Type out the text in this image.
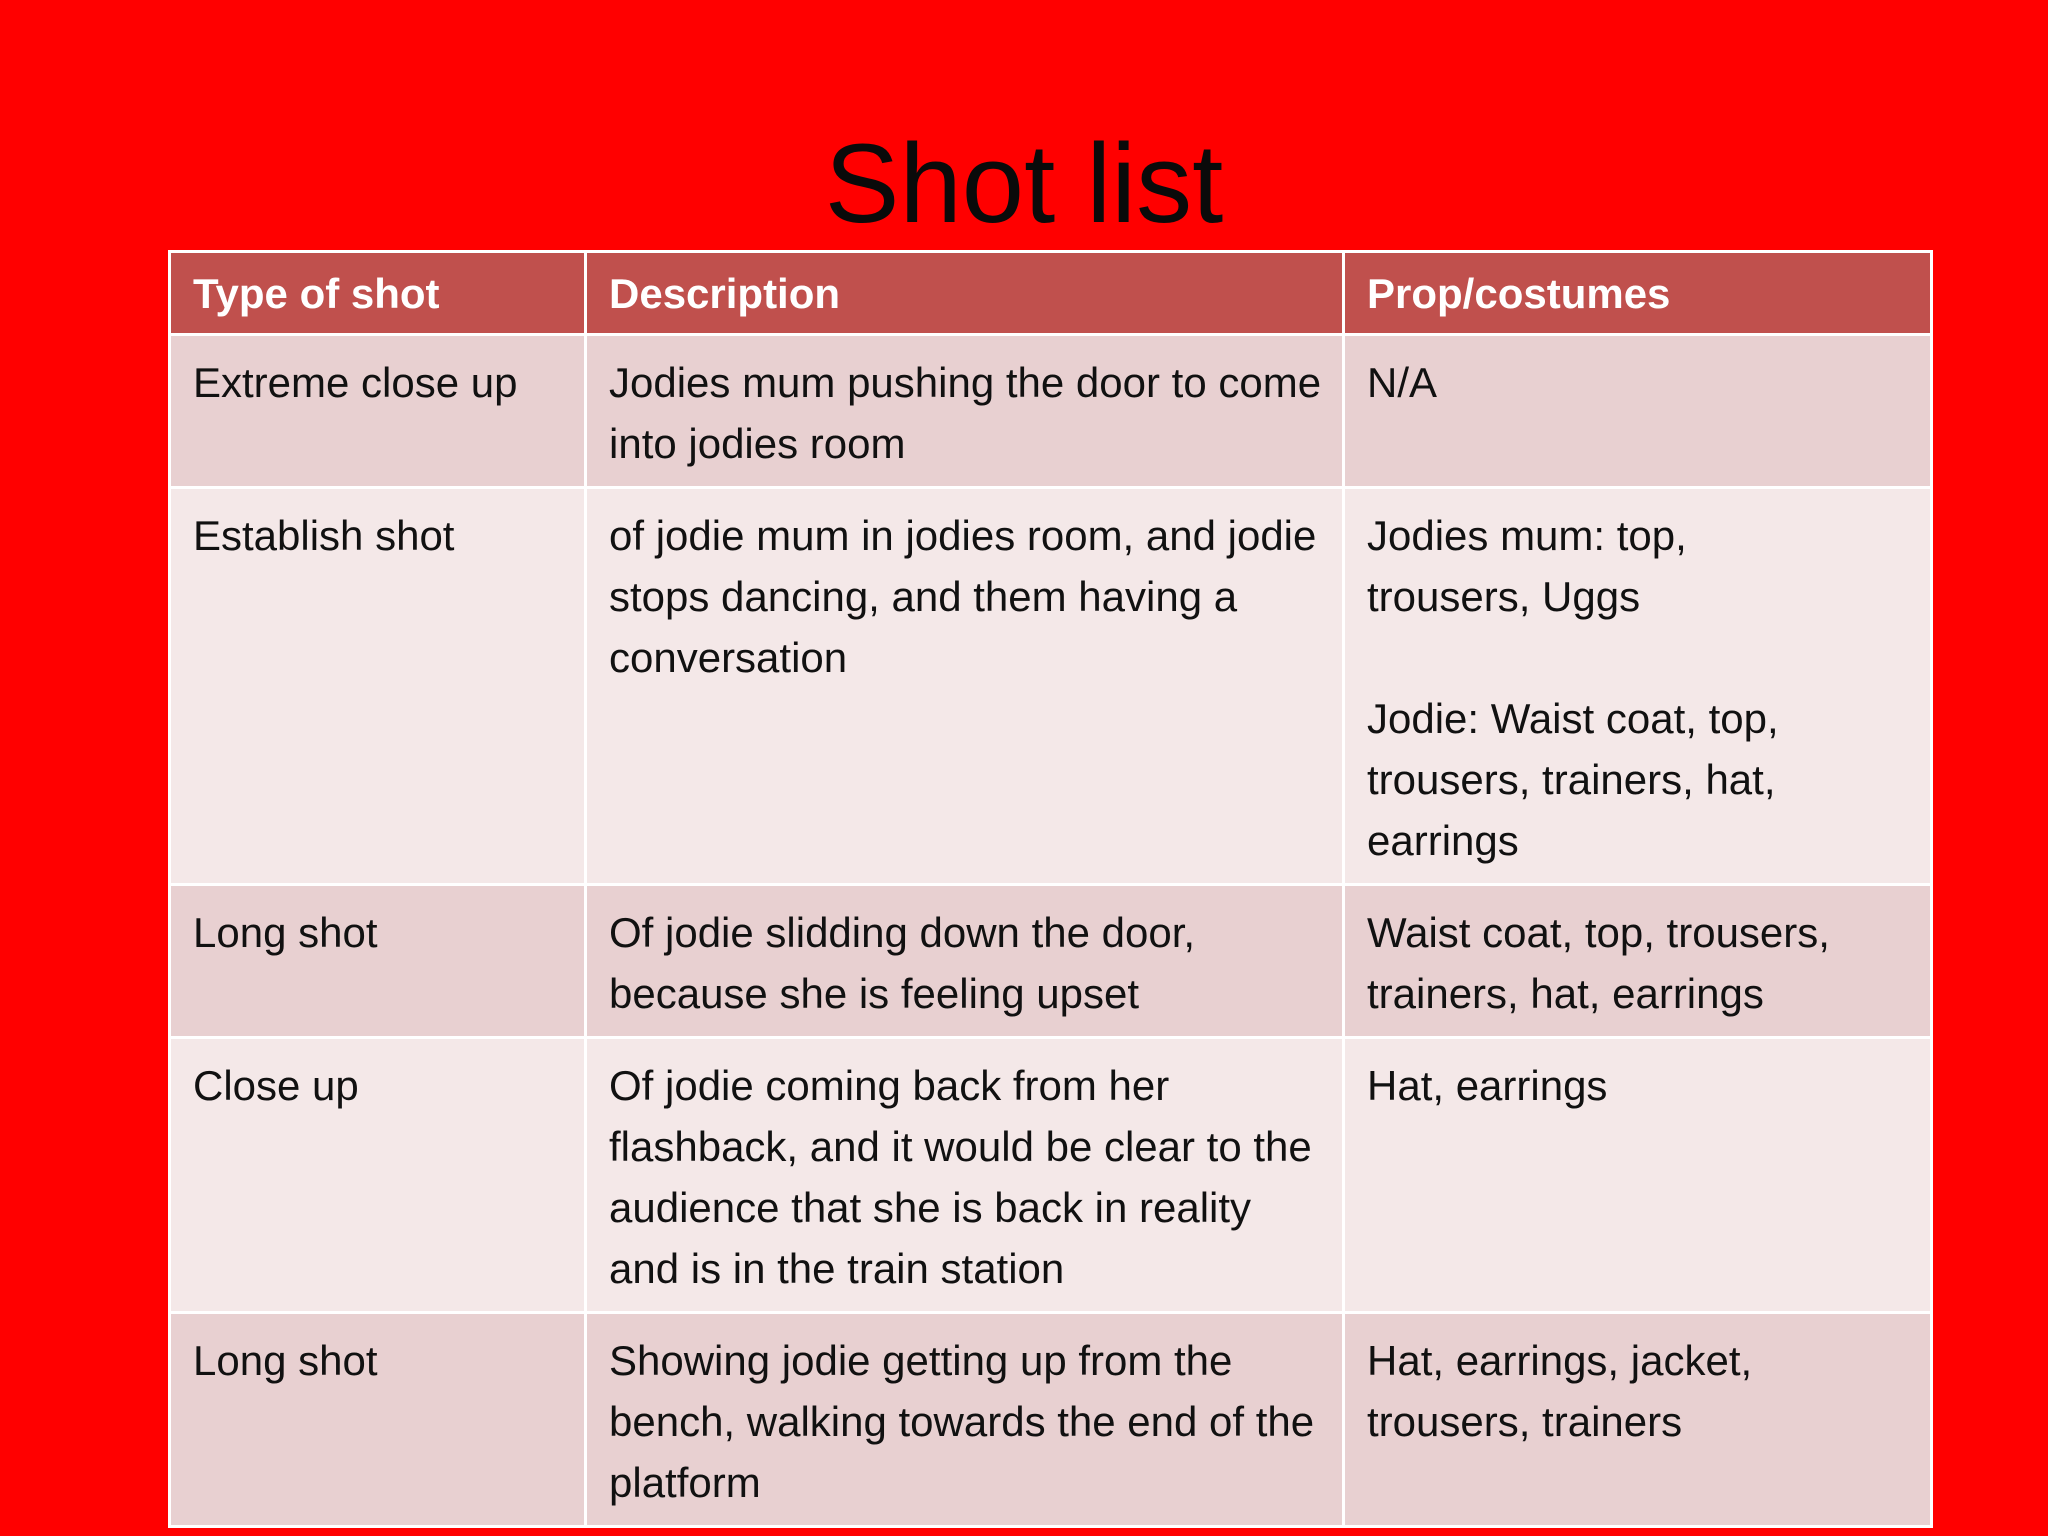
Shot list
Type of shot	Description	Prop/costumes
Extreme close up	Jodies mum pushing the door to come into jodies room	N/A
Establish shot	of jodie mum in jodies room, and jodie stops dancing, and them having a conversation	Jodies mum: top,
trousers, Uggs

Jodie: Waist coat, top,
trousers, trainers, hat,
earrings
Long shot	Of jodie slidding down the door, because she is feeling upset	Waist coat, top, trousers, trainers, hat, earrings
Close up	Of jodie coming back from her flashback, and it would be clear to the audience that she is back in reality and is in the train station	Hat, earrings
Long shot	Showing jodie getting up from the bench, walking towards the end of the platform	Hat, earrings, jacket, trousers, trainers
